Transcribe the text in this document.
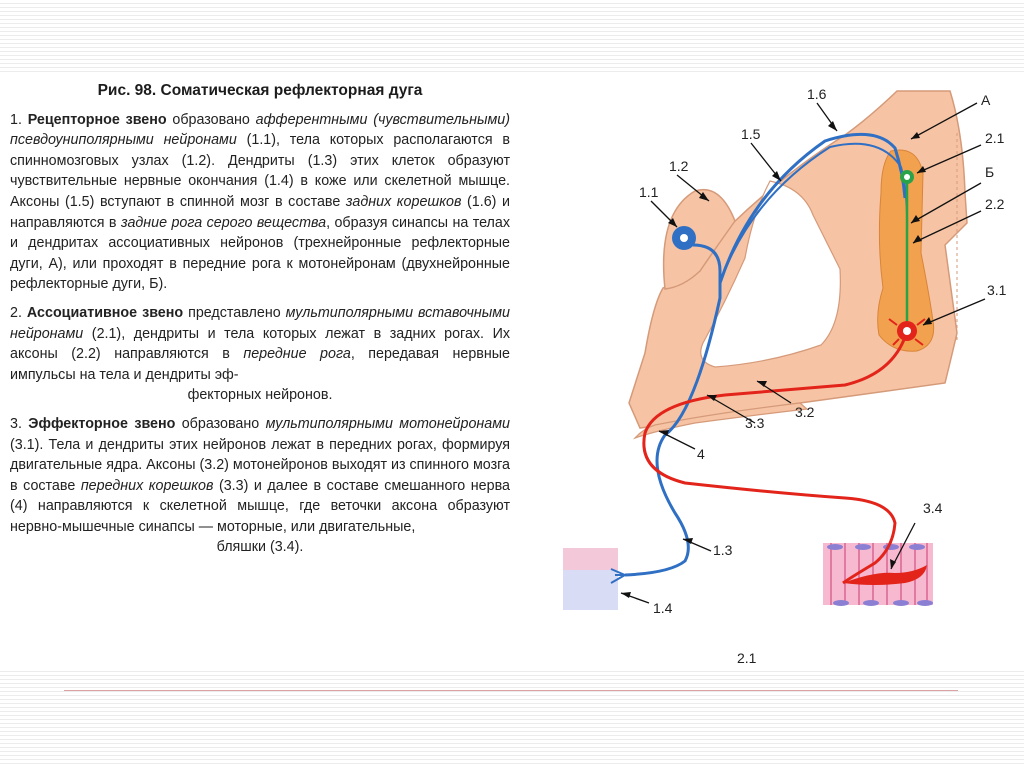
Рис. 98. Соматическая рефлекторная дуга

1. Рецепторное звено образовано афферентными (чувствительными) псевдоуниполярными нейронами (1.1), тела которых располагаются в спинномозговых узлах (1.2). Дендриты (1.3) этих клеток образуют чувствительные нервные окончания (1.4) в коже или скелетной мышце. Аксоны (1.5) вступают в спинной мозг в составе задних корешков (1.6) и направляются в задние рога серого вещества, образуя синапсы на телах и дендритах ассоциативных нейронов (трехнейронные рефлекторные дуги, А), или проходят в передние рога к мотонейронам (двухнейронные рефлекторные дуги, Б).

2. Ассоциативное звено представлено мультиполярными вставочными нейронами (2.1), дендриты и тела которых лежат в задних рогах. Их аксоны (2.2) направляются в передние рога, передавая нервные импульсы на тела и дендриты эф-
фекторных нейронов.

3. Эффекторное звено образовано мультиполярными мотонейронами (3.1). Тела и дендриты этих нейронов лежат в передних рогах, формируя двигательные ядра. Аксоны (3.2) мотонейронов выходят из спинного мозга в составе передних корешков (3.3) и далее в составе смешанного нерва (4) направляются к скелетной мышце, где веточки аксона образуют нервно-мышечные синапсы — моторные, или двигательные,
бляшки (3.4).

1.6	А
1.5	2.1
1.2	Б
1.1
2.2
3.1
3.3
3.2
4
3.4
1.3
1.4
2.1
